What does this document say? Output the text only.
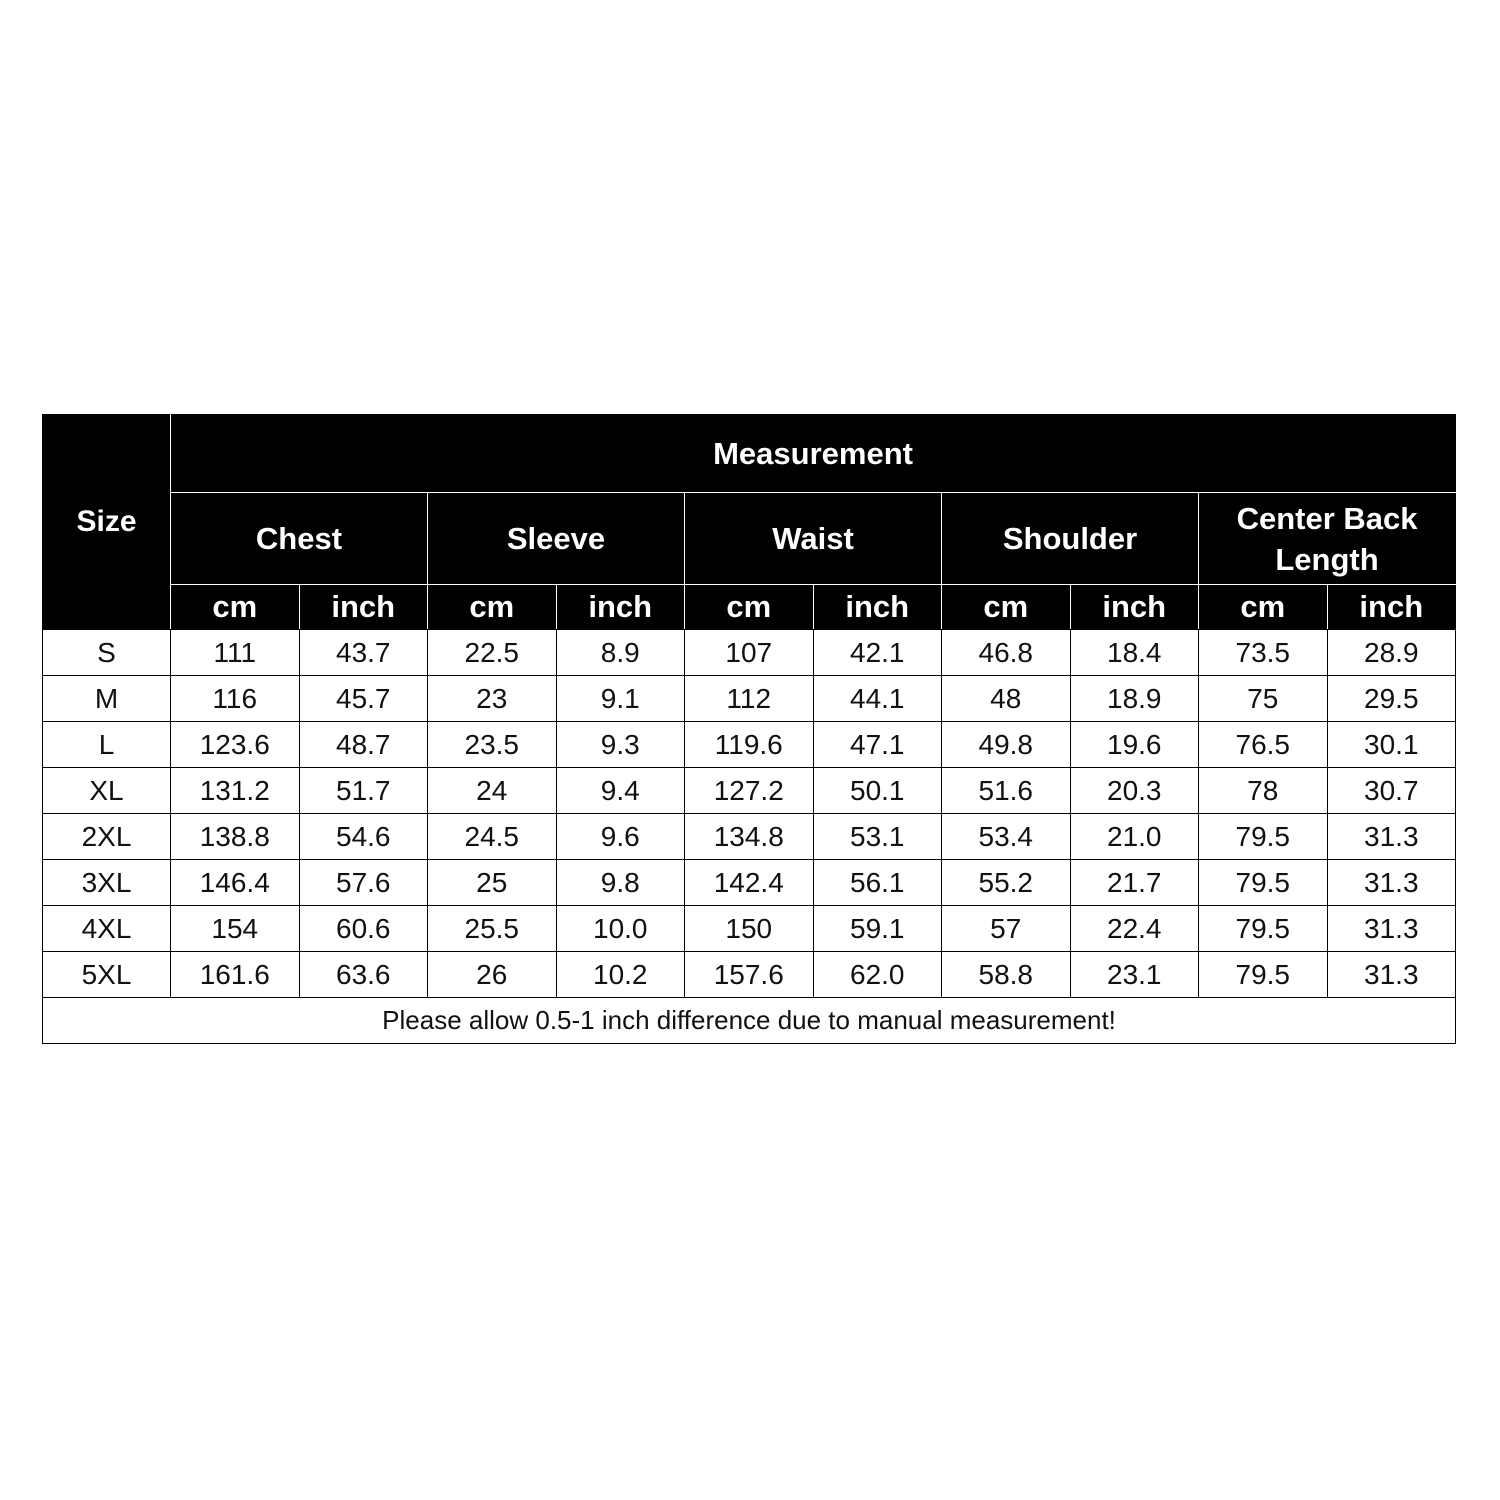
Size	Measurement									
	Chest		Sleeve		Waist		Shoulder		Center Back Length	
	cm	inch	cm	inch	cm	inch	cm	inch	cm	inch
S	111	43.7	22.5	8.9	107	42.1	46.8	18.4	73.5	28.9
M	116	45.7	23	9.1	112	44.1	48	18.9	75	29.5
L	123.6	48.7	23.5	9.3	119.6	47.1	49.8	19.6	76.5	30.1
XL	131.2	51.7	24	9.4	127.2	50.1	51.6	20.3	78	30.7
2XL	138.8	54.6	24.5	9.6	134.8	53.1	53.4	21.0	79.5	31.3
3XL	146.4	57.6	25	9.8	142.4	56.1	55.2	21.7	79.5	31.3
4XL	154	60.6	25.5	10.0	150	59.1	57	22.4	79.5	31.3
5XL	161.6	63.6	26	10.2	157.6	62.0	58.8	23.1	79.5	31.3
Please allow 0.5-1 inch difference due to manual measurement!										
